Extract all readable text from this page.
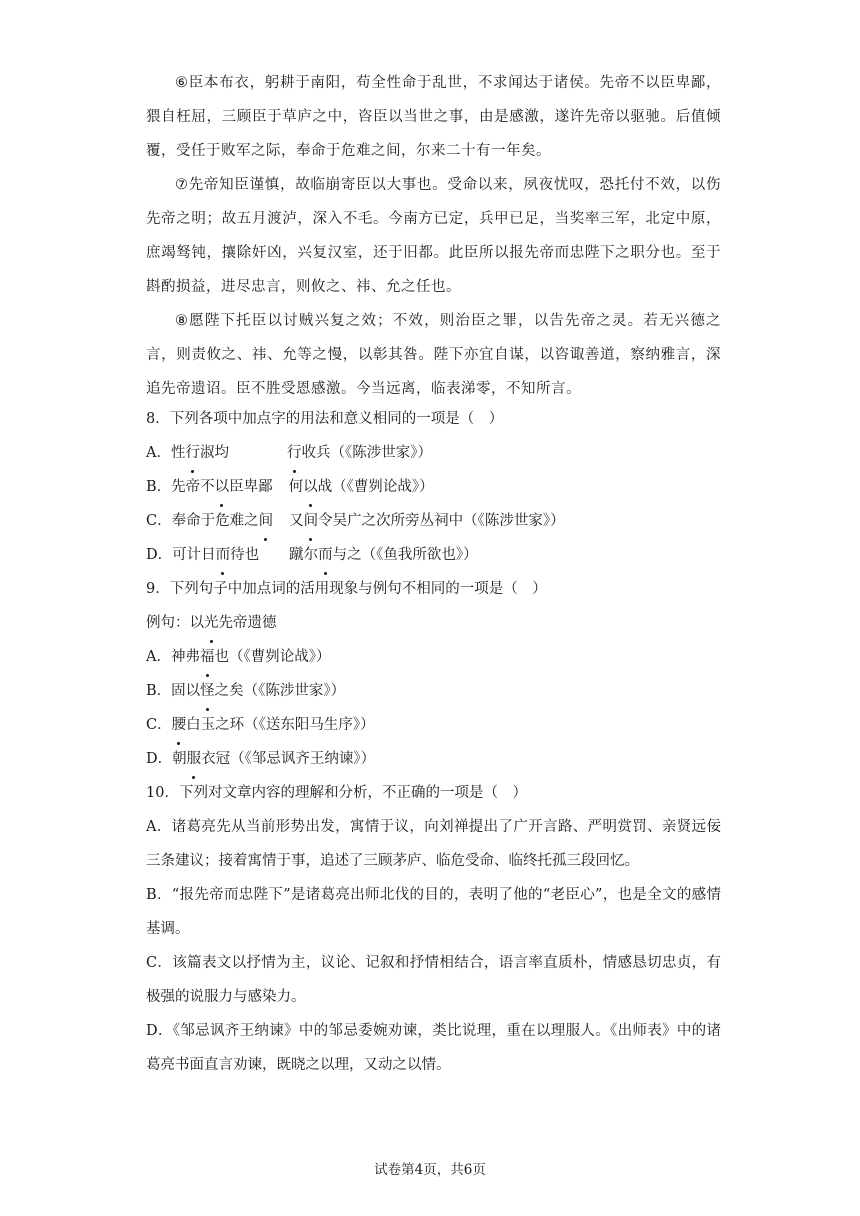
⑥臣本布衣，躬耕于南阳，苟全性命于乱世，不求闻达于诸侯。先帝不以臣卑鄙，猥自枉屈，三顾臣于草庐之中，咨臣以当世之事，由是感激，遂许先帝以驱驰。后值倾覆，受任于败军之际，奉命于危难之间，尔来二十有一年矣。

⑦先帝知臣谨慎，故临崩寄臣以大事也。受命以来，夙夜忧叹，恐托付不效，以伤先帝之明；故五月渡泸，深入不毛。今南方已定，兵甲已足，当奖率三军，北定中原，庶竭驽钝，攘除奸凶，兴复汉室，还于旧都。此臣所以报先帝而忠陛下之职分也。至于斟酌损益，进尽忠言，则攸之、祎、允之任也。

⑧愿陛下托臣以讨贼兴复之效；不效，则治臣之罪，以告先帝之灵。若无兴德之言，则责攸之、祎、允等之慢，以彰其咎。陛下亦宜自谋，以咨诹善道，察纳雅言，深追先帝遗诏。臣不胜受恩感激。今当远离，临表涕零，不知所言。

8．下列各项中加点字的用法和意义相同的一项是（　）
A．性行淑均	行收兵（《陈涉世家》）
B．先帝不以臣卑鄙 何以战（《曹刿论战》）
C．奉命于危难之间 又间令吴广之次所旁丛祠中（《陈涉世家》）
D．可计日而待也 蹴尔而与之（《鱼我所欲也》）
9．下列句子中加点词的活用现象与例句不相同的一项是（　）
例句：以光先帝遗德
A．神弗福也（《曹刿论战》）
B．固以怪之矣（《陈涉世家》）
C．腰白玉之环（《送东阳马生序》）
D．朝服衣冠（《邹忌讽齐王纳谏》）
10．下列对文章内容的理解和分析，不正确的一项是（　）
A．诸葛亮先从当前形势出发，寓情于议，向刘禅提出了广开言路、严明赏罚、亲贤远佞三条建议；接着寓情于事，追述了三顾茅庐、临危受命、临终托孤三段回忆。
B．“报先帝而忠陛下”是诸葛亮出师北伐的目的，表明了他的“老臣心”，也是全文的感情基调。
C．该篇表文以抒情为主，议论、记叙和抒情相结合，语言率直质朴，情感恳切忠贞，有极强的说服力与感染力。
D．《邹忌讽齐王纳谏》中的邹忌委婉劝谏，类比说理，重在以理服人。《出师表》中的诸葛亮书面直言劝谏，既晓之以理，又动之以情。
试卷第4页，共6页
